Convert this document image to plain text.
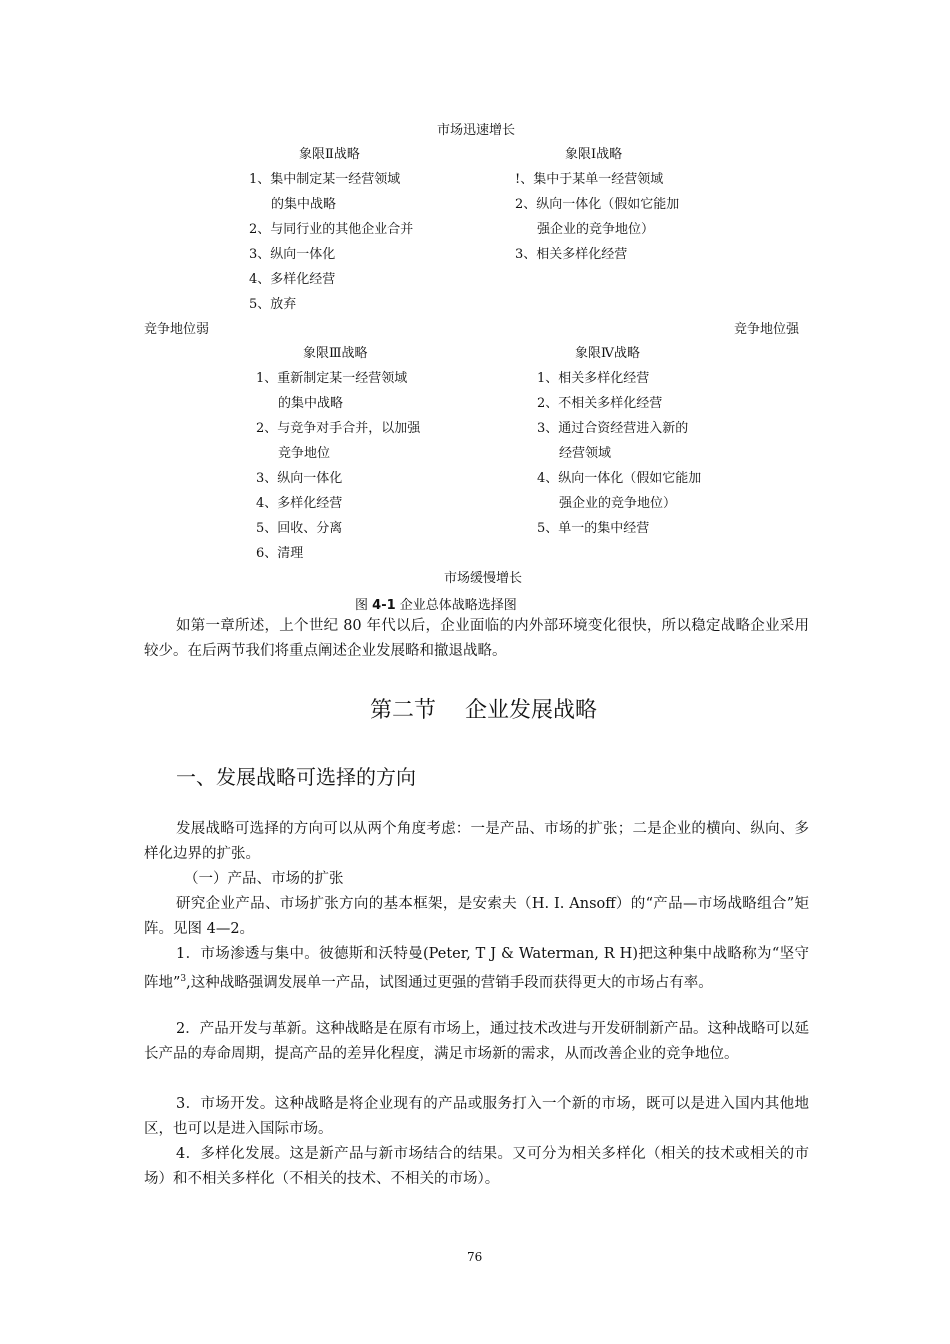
市场迅速增长
象限Ⅱ战略
1、集中制定某一经营领域
的集中战略
2、与同行业的其他企业合并
3、纵向一体化
4、多样化经营
5、放弃
象限Ⅰ战略
!、集中于某单一经营领域
2、纵向一体化（假如它能加
强企业的竞争地位）
3、相关多样化经营
竞争地位弱	竞争地位强
象限Ⅲ战略
1、重新制定某一经营领域
的集中战略
2、与竞争对手合并，以加强
竞争地位
3、纵向一体化
4、多样化经营
5、回收、分离
6、清理
象限Ⅳ战略
1、相关多样化经营
2、不相关多样化经营
3、通过合资经营进入新的
经营领域
4、纵向一体化（假如它能加
强企业的竞争地位）
5、单一的集中经营
市场缓慢增长
图 4-1 企业总体战略选择图
如第一章所述，上个世纪 80 年代以后，企业面临的内外部环境变化很快，所以稳定战略企业采用较少。在后两节我们将重点阐述企业发展略和撤退战略。
第二节　 企业发展战略
一、发展战略可选择的方向
发展战略可选择的方向可以从两个角度考虑：一是产品、市场的扩张；二是企业的横向、纵向、多样化边界的扩张。
（一）产品、市场的扩张
研究企业产品、市场扩张方向的基本框架，是安索夫（H. I. Ansoff）的“产品—市场战略组合”矩阵。见图 4—2。
1．市场渗透与集中。彼德斯和沃特曼(Peter, T J & Waterman, R H)把这种集中战略称为“坚守阵地”$^3$,这种战略强调发展单一产品，试图通过更强的营销手段而获得更大的市场占有率。
2．产品开发与革新。这种战略是在原有市场上，通过技术改进与开发研制新产品。这种战略可以延长产品的寿命周期，提高产品的差异化程度，满足市场新的需求，从而改善企业的竞争地位。
3．市场开发。这种战略是将企业现有的产品或服务打入一个新的市场，既可以是进入国内其他地区，也可以是进入国际市场。
4．多样化发展。这是新产品与新市场结合的结果。又可分为相关多样化（相关的技术或相关的市场）和不相关多样化（不相关的技术、不相关的市场）。
76
